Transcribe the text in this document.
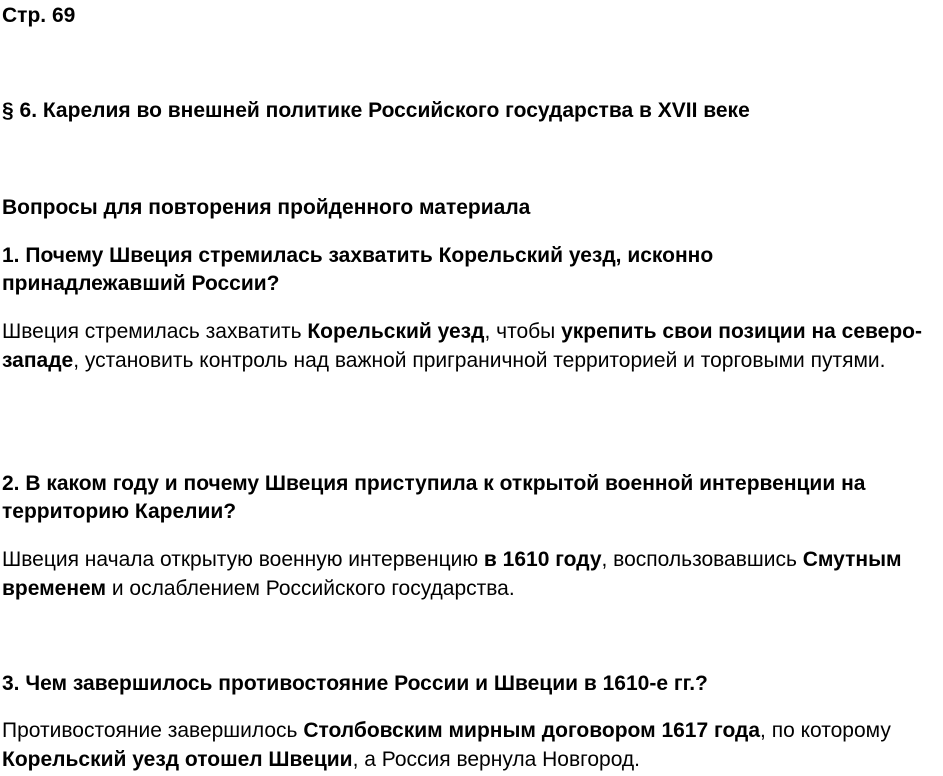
Стр. 69
§ 6. Карелия во внешней политике Российского государства в XVII веке
Вопросы для повторения пройденного материала
1. Почему Швеция стремилась захватить Корельский уезд, исконно принадлежавший России?

Швеция стремилась захватить Корельский уезд, чтобы укрепить свои позиции на северо-западе, установить контроль над важной приграничной территорией и торговыми путями.

2. В каком году и почему Швеция приступила к открытой военной интервенции на территорию Карелии?

Швеция начала открытую военную интервенцию в 1610 году, воспользовавшись Смутным временем и ослаблением Российского государства.

3. Чем завершилось противостояние России и Швеции в 1610-е гг.?

Противостояние завершилось Столбовским мирным договором 1617 года, по которому Корельский уезд отошел Швеции, а Россия вернула Новгород.
